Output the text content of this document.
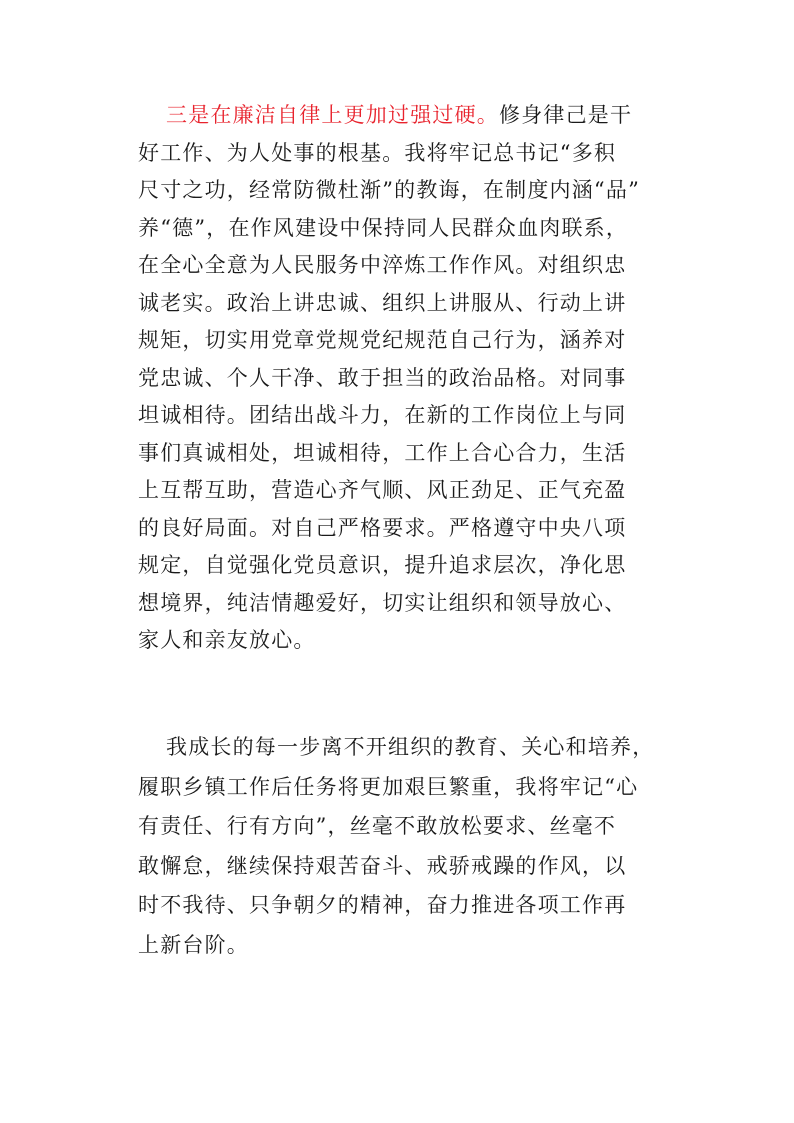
三是在廉洁自律上更加过强过硬。修身律己是干
好工作、为人处事的根基。我将牢记总书记“多积
尺寸之功，经常防微杜渐”的教诲，在制度内涵“品”
养“德”，在作风建设中保持同人民群众血肉联系，
在全心全意为人民服务中淬炼工作作风。对组织忠
诚老实。政治上讲忠诚、组织上讲服从、行动上讲
规矩，切实用党章党规党纪规范自己行为，涵养对
党忠诚、个人干净、敢于担当的政治品格。对同事
坦诚相待。团结出战斗力，在新的工作岗位上与同
事们真诚相处，坦诚相待，工作上合心合力，生活
上互帮互助，营造心齐气顺、风正劲足、正气充盈
的良好局面。对自己严格要求。严格遵守中央八项
规定，自觉强化党员意识，提升追求层次，净化思
想境界，纯洁情趣爱好，切实让组织和领导放心、
家人和亲友放心。
我成长的每一步离不开组织的教育、关心和培养，
履职乡镇工作后任务将更加艰巨繁重，我将牢记“心
有责任、行有方向”，丝毫不敢放松要求、丝毫不
敢懈怠，继续保持艰苦奋斗、戒骄戒躁的作风，以
时不我待、只争朝夕的精神，奋力推进各项工作再
上新台阶。
